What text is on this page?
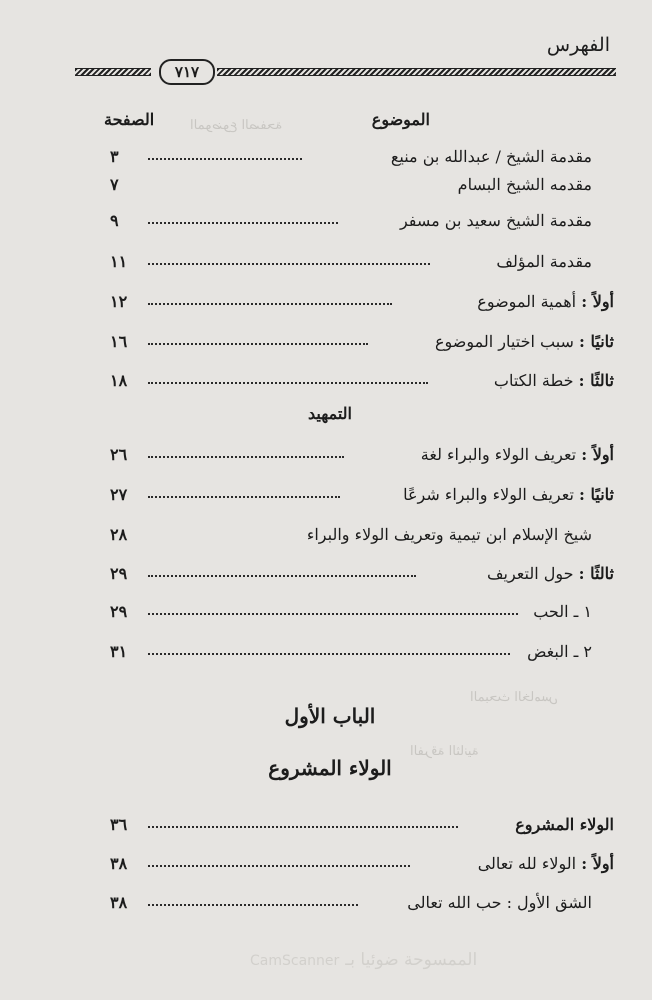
الموضوع الصفحة
المبحث الخامس
الفرقة الثانية
الفهرس
٧١٧
الموضوع
الصفحة
مقدمة الشيخ / عبدالله بن منيع
٣
مقدمه الشيخ البسام
٧
مقدمة الشيخ سعيد بن مسفر
٩
مقدمة المؤلف
١١
أولاً : أهمية الموضوع
١٢
ثانيًا : سبب اختيار الموضوع
١٦
ثالثًا : خطة الكتاب
١٨
التمهيد
أولاً : تعريف الولاء والبراء لغة
٢٦
ثانيًا : تعريف الولاء والبراء شرعًا
٢٧
شيخ الإسلام ابن تيمية وتعريف الولاء والبراء
٢٨
ثالثًا : حول التعريف
٢٩
١ ـ الحب
٢٩
٢ ـ البغض
٣١
الباب الأول
الولاء المشروع
الولاء المشروع
٣٦
أولاً : الولاء لله تعالى
٣٨
الشق الأول : حب الله تعالى
٣٨
الممسوحة ضوئيا بـCamScanner
